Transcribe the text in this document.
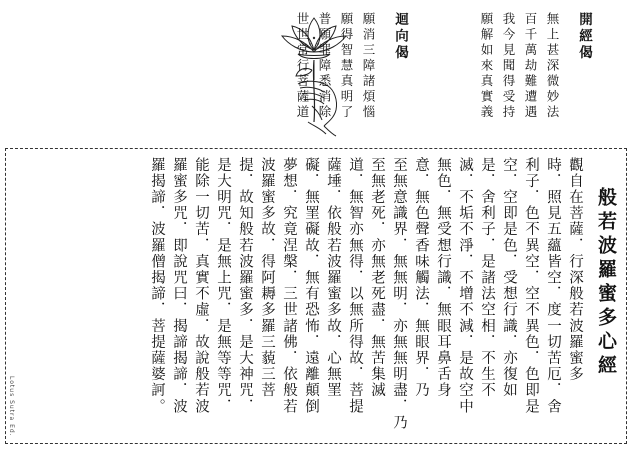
開經偈
無上甚深微妙法
百千萬劫難遭遇
我今見聞得受持
願解如來真實義
迴向偈
願消三障諸煩惱
願得智慧真明了
普願罪障悉消除
世世常行菩薩道
般若波羅蜜多心經
觀自在菩薩．行深般若波羅蜜多
時．照見五蘊皆空．度一切苦厄．舍
利子．色不異空．空不異色．色即是
空．空即是色．受想行識．亦復如
是．舍利子．是諸法空相．不生不
滅．不垢不淨．不增不減．是故空中
無色．無受想行識．無眼耳鼻舌身
意．無色聲香味觸法．無眼界．乃
至無意識界．無無明．亦無無明盡．乃
至無老死．亦無老死盡．無苦集滅
道．無智亦無得．以無所得故．菩提
薩埵．依般若波羅蜜多故．心無罣
礙．無罣礙故．無有恐怖．遠離顛倒
夢想．究竟涅槃．三世諸佛．依般若
波羅蜜多故．得阿耨多羅三藐三菩
提．故知般若波羅蜜多．是大神咒．
是大明咒．是無上咒．是無等等咒．
能除一切苦．真實不虛．故說般若波
羅蜜多咒．即說咒曰．揭諦揭諦．波
羅揭諦．波羅僧揭諦．菩提薩婆訶。
Lotus Sutra Ed.
